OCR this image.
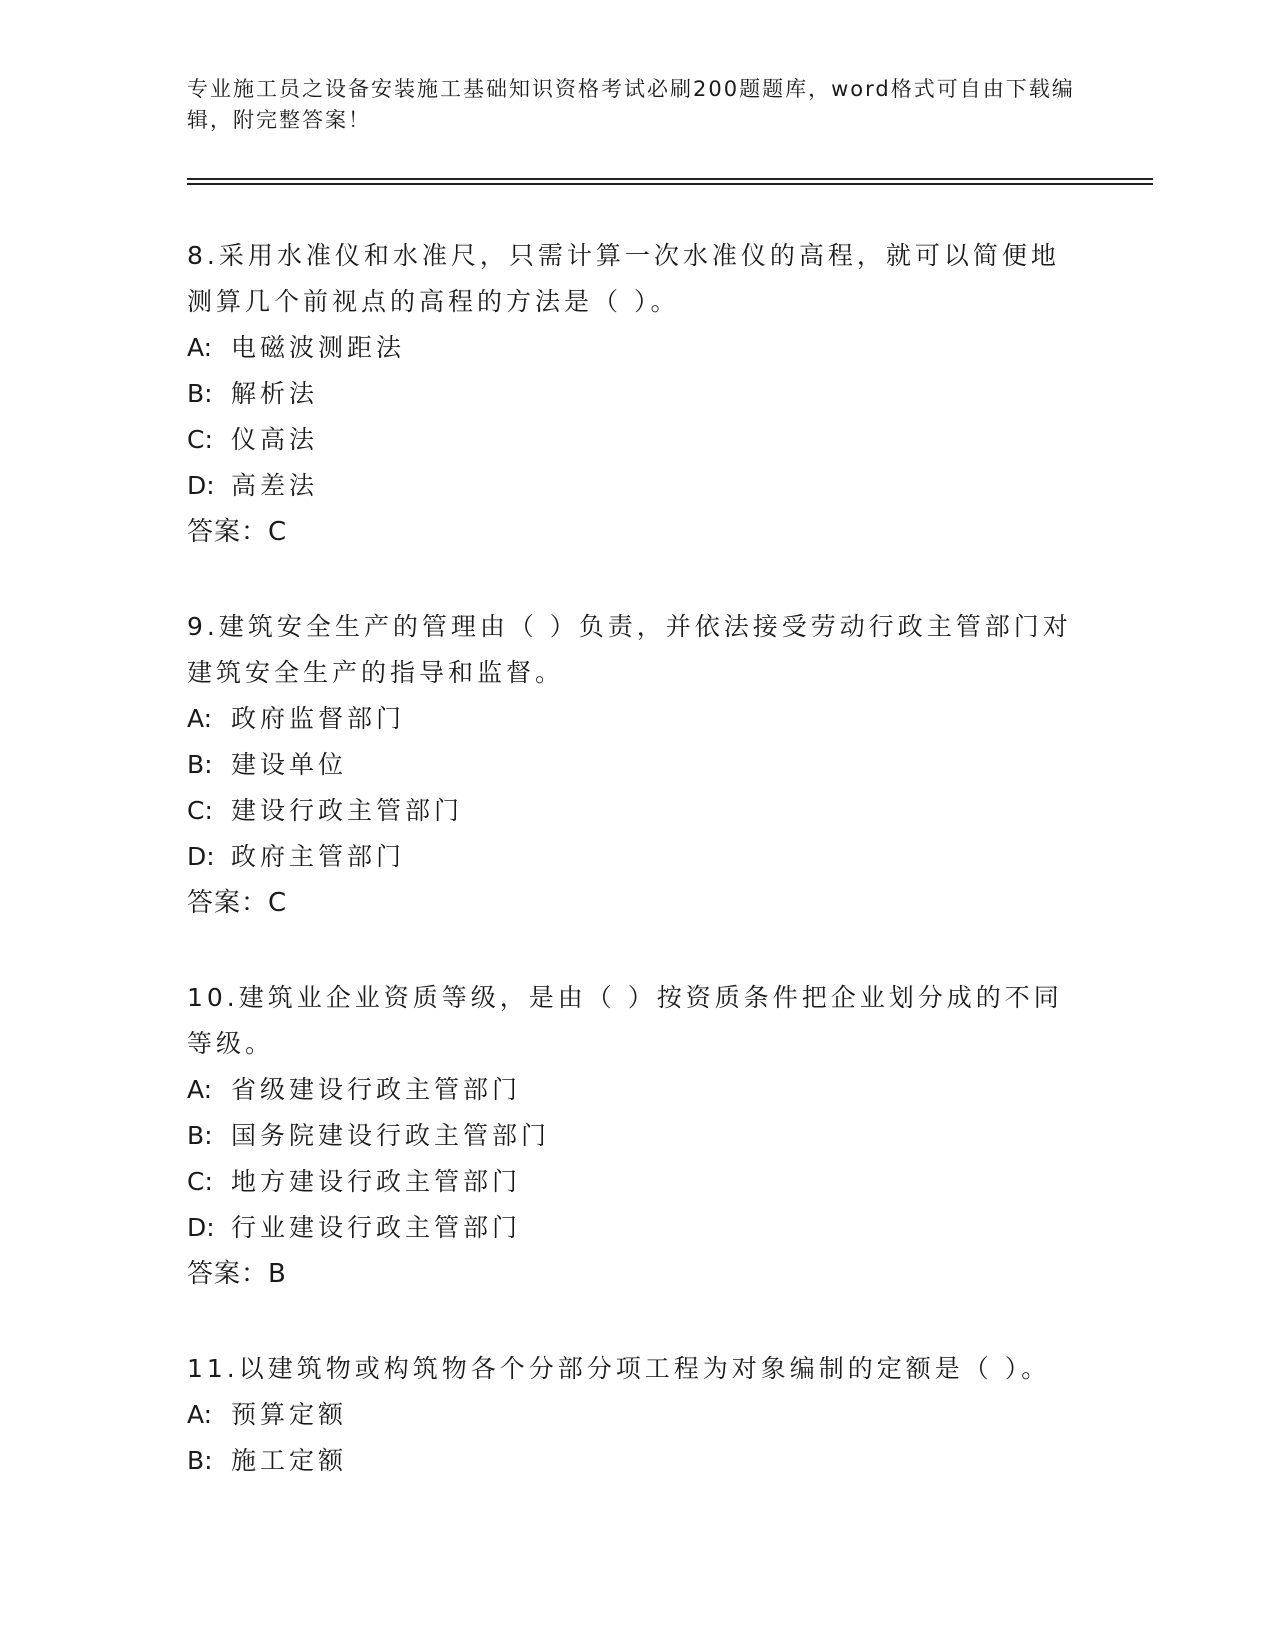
专业施工员之设备安装施工基础知识资格考试必刷200题题库，word格式可自由下载编辑，附完整答案！

8.采用水准仪和水准尺，只需计算一次水准仪的高程，就可以简便地测算几个前视点的高程的方法是（ ）。

A: 电磁波测距法

B: 解析法

C: 仪高法

D: 高差法

答案：C

9.建筑安全生产的管理由（ ）负责，并依法接受劳动行政主管部门对建筑安全生产的指导和监督。

A: 政府监督部门

B: 建设单位

C: 建设行政主管部门

D: 政府主管部门

答案：C

10.建筑业企业资质等级，是由（ ）按资质条件把企业划分成的不同等级。

A: 省级建设行政主管部门

B: 国务院建设行政主管部门

C: 地方建设行政主管部门

D: 行业建设行政主管部门

答案：B

11.以建筑物或构筑物各个分部分项工程为对象编制的定额是（ ）。

A: 预算定额

B: 施工定额
